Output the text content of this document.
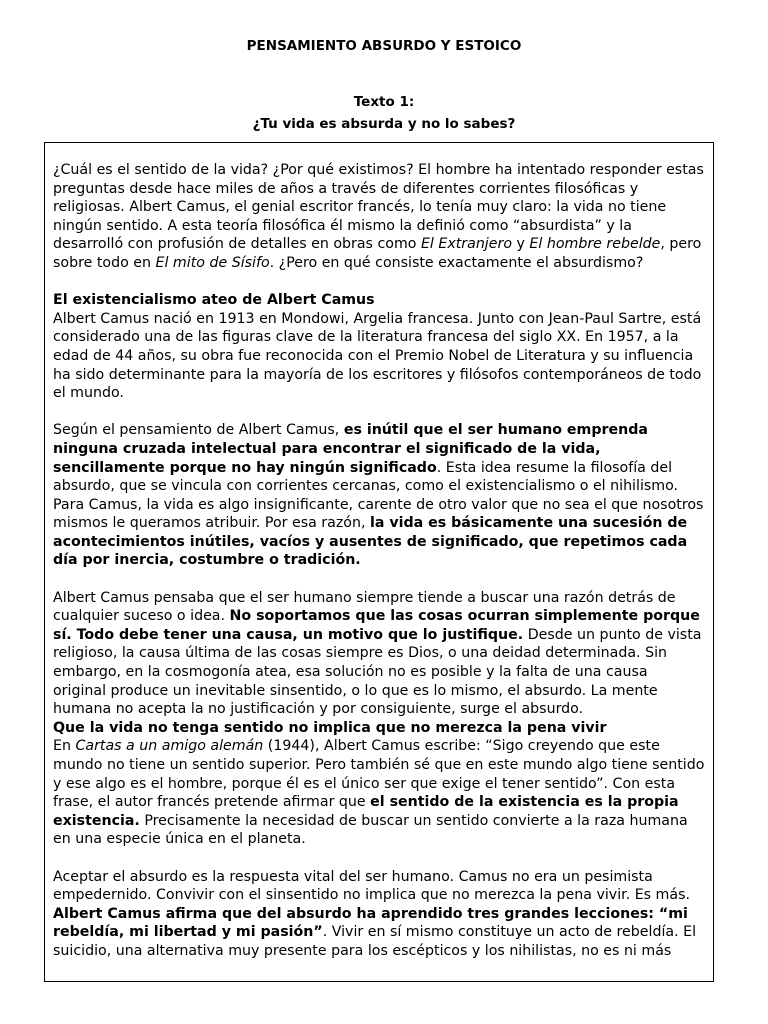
PENSAMIENTO ABSURDO Y ESTOICO
Texto 1:
¿Tu vida es absurda y no lo sabes?

¿Cuál es el sentido de la vida? ¿Por qué existimos? El hombre ha intentado responder estas preguntas desde hace miles de años a través de diferentes corrientes filosóficas y religiosas. Albert Camus, el genial escritor francés, lo tenía muy claro: la vida no tiene ningún sentido. A esta teoría filosófica él mismo la definió como “absurdista” y la desarrolló con profusión de detalles en obras como El Extranjero y El hombre rebelde, pero sobre todo en El mito de Sísifo. ¿Pero en qué consiste exactamente el absurdismo?

El existencialismo ateo de Albert Camus

Albert Camus nació en 1913 en Mondowi, Argelia francesa. Junto con Jean-Paul Sartre, está considerado una de las figuras clave de la literatura francesa del siglo XX. En 1957, a la edad de 44 años, su obra fue reconocida con el Premio Nobel de Literatura y su influencia ha sido determinante para la mayoría de los escritores y filósofos contemporáneos de todo el mundo.

Según el pensamiento de Albert Camus, es inútil que el ser humano emprenda ninguna cruzada intelectual para encontrar el significado de la vida, sencillamente porque no hay ningún significado. Esta idea resume la filosofía del absurdo, que se vincula con corrientes cercanas, como el existencialismo o el nihilismo. Para Camus, la vida es algo insignificante, carente de otro valor que no sea el que nosotros mismos le queramos atribuir. Por esa razón, la vida es básicamente una sucesión de acontecimientos inútiles, vacíos y ausentes de significado, que repetimos cada día por inercia, costumbre o tradición.

Albert Camus pensaba que el ser humano siempre tiende a buscar una razón detrás de cualquier suceso o idea. No soportamos que las cosas ocurran simplemente porque sí. Todo debe tener una causa, un motivo que lo justifique. Desde un punto de vista religioso, la causa última de las cosas siempre es Dios, o una deidad determinada. Sin embargo, en la cosmogonía atea, esa solución no es posible y la falta de una causa original produce un inevitable sinsentido, o lo que es lo mismo, el absurdo. La mente humana no acepta la no justificación y por consiguiente, surge el absurdo.

Que la vida no tenga sentido no implica que no merezca la pena vivir

En Cartas a un amigo alemán (1944), Albert Camus escribe: “Sigo creyendo que este mundo no tiene un sentido superior. Pero también sé que en este mundo algo tiene sentido y ese algo es el hombre, porque él es el único ser que exige el tener sentido”. Con esta frase, el autor francés pretende afirmar que el sentido de la existencia es la propia existencia. Precisamente la necesidad de buscar un sentido convierte a la raza humana en una especie única en el planeta.

Aceptar el absurdo es la respuesta vital del ser humano. Camus no era un pesimista empedernido. Convivir con el sinsentido no implica que no merezca la pena vivir. Es más. Albert Camus afirma que del absurdo ha aprendido tres grandes lecciones: “mi rebeldía, mi libertad y mi pasión”. Vivir en sí mismo constituye un acto de rebeldía. El suicidio, una alternativa muy presente para los escépticos y los nihilistas, no es ni más
